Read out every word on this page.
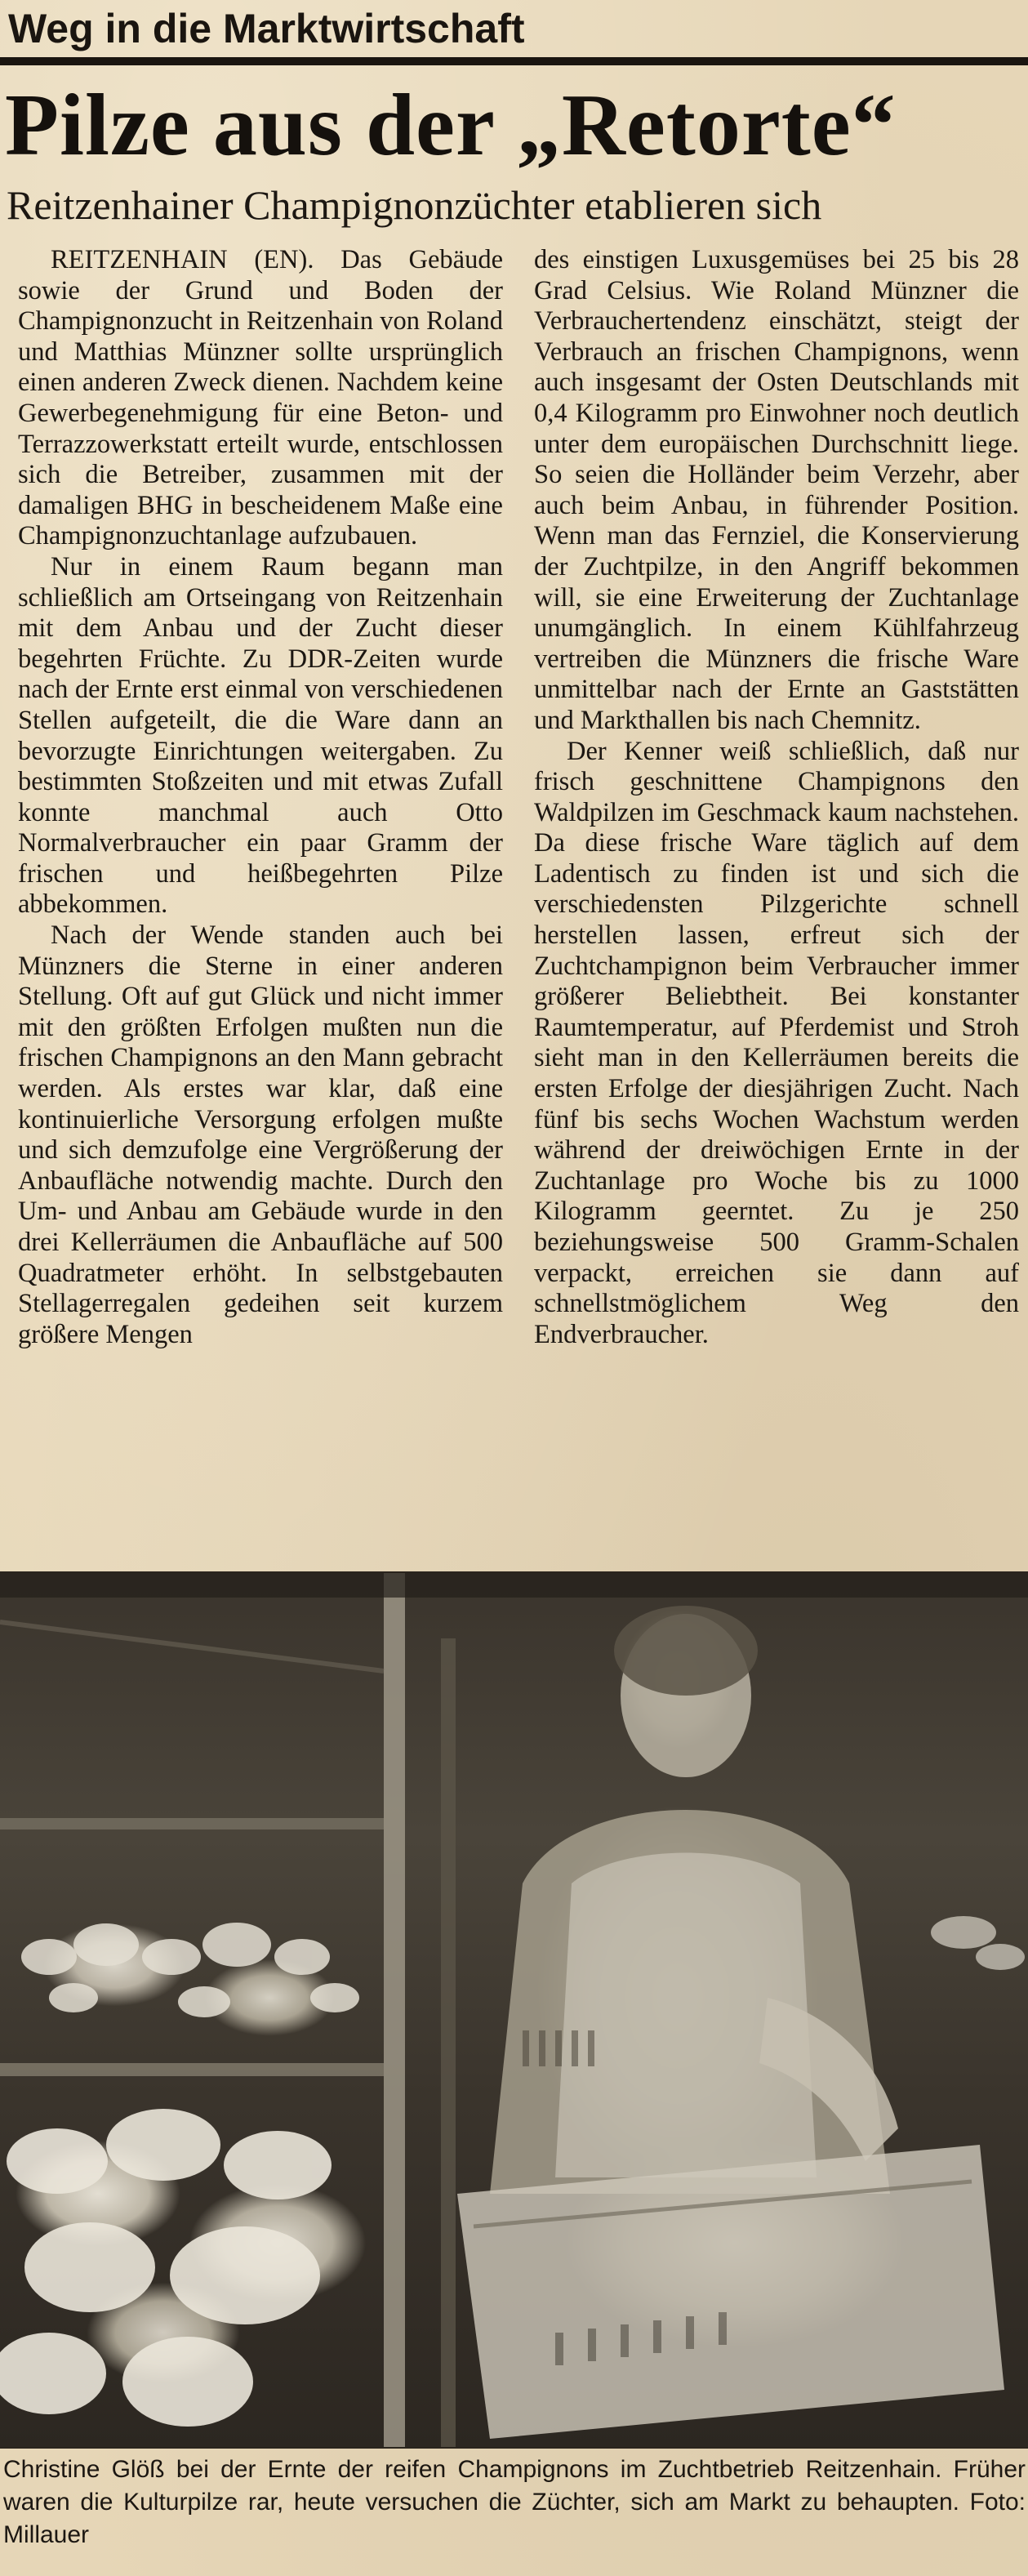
Weg in die Marktwirtschaft
Pilze aus der „Retorte“
Reitzenhainer Champignonzüchter etablieren sich

REITZENHAIN (EN). Das Gebäude sowie der Grund und Boden der Champignonzucht in Reitzenhain von Roland und Matthias Münzner sollte ursprünglich einen anderen Zweck dienen. Nachdem keine Gewerbegenehmigung für eine Beton- und Terrazzowerkstatt erteilt wurde, entschlossen sich die Betreiber, zusammen mit der damaligen BHG in bescheidenem Maße eine Champignonzuchtanlage aufzubauen.

Nur in einem Raum begann man schließlich am Ortseingang von Reitzenhain mit dem Anbau und der Zucht dieser begehrten Früchte. Zu DDR-Zeiten wurde nach der Ernte erst einmal von verschiedenen Stellen aufgeteilt, die die Ware dann an bevorzugte Einrichtungen weitergaben. Zu bestimmten Stoßzeiten und mit etwas Zufall konnte manchmal auch Otto Normalverbraucher ein paar Gramm der frischen und heißbegehrten Pilze abbekommen.

Nach der Wende standen auch bei Münzners die Sterne in einer anderen Stellung. Oft auf gut Glück und nicht immer mit den größten Erfolgen mußten nun die frischen Champignons an den Mann gebracht werden. Als erstes war klar, daß eine kontinuierliche Versorgung erfolgen mußte und sich demzufolge eine Vergrößerung der Anbaufläche notwendig machte. Durch den Um- und Anbau am Gebäude wurde in den drei Kellerräumen die Anbaufläche auf 500 Quadratmeter erhöht. In selbstgebauten Stellagerregalen gedeihen seit kurzem größere Mengen

des einstigen Luxusgemüses bei 25 bis 28 Grad Celsius. Wie Roland Münzner die Verbrauchertendenz einschätzt, steigt der Verbrauch an frischen Champignons, wenn auch insgesamt der Osten Deutschlands mit 0,4 Kilogramm pro Einwohner noch deutlich unter dem europäischen Durchschnitt liege. So seien die Holländer beim Verzehr, aber auch beim Anbau, in führender Position. Wenn man das Fernziel, die Konservierung der Zuchtpilze, in den Angriff bekommen will, sie eine Erweiterung der Zuchtanlage unumgänglich. In einem Kühlfahrzeug vertreiben die Münzners die frische Ware unmittelbar nach der Ernte an Gaststätten und Markthallen bis nach Chemnitz.

Der Kenner weiß schließlich, daß nur frisch geschnittene Champignons den Waldpilzen im Geschmack kaum nachstehen. Da diese frische Ware täglich auf dem Ladentisch zu finden ist und sich die verschiedensten Pilzgerichte schnell herstellen lassen, erfreut sich der Zuchtchampignon beim Verbraucher immer größerer Beliebtheit. Bei konstanter Raumtemperatur, auf Pferdemist und Stroh sieht man in den Kellerräumen bereits die ersten Erfolge der diesjährigen Zucht. Nach fünf bis sechs Wochen Wachstum werden während der dreiwöchigen Ernte in der Zuchtanlage pro Woche bis zu 1000 Kilogramm geerntet. Zu je 250 beziehungsweise 500 Gramm-Schalen verpackt, erreichen sie dann auf schnellstmöglichem Weg den Endverbraucher.

Christine Glöß bei der Ernte der reifen Champignons im Zuchtbetrieb Reitzenhain. Früher waren die Kulturpilze rar, heute versuchen die Züchter, sich am Markt zu behaupten. Foto: Millauer
